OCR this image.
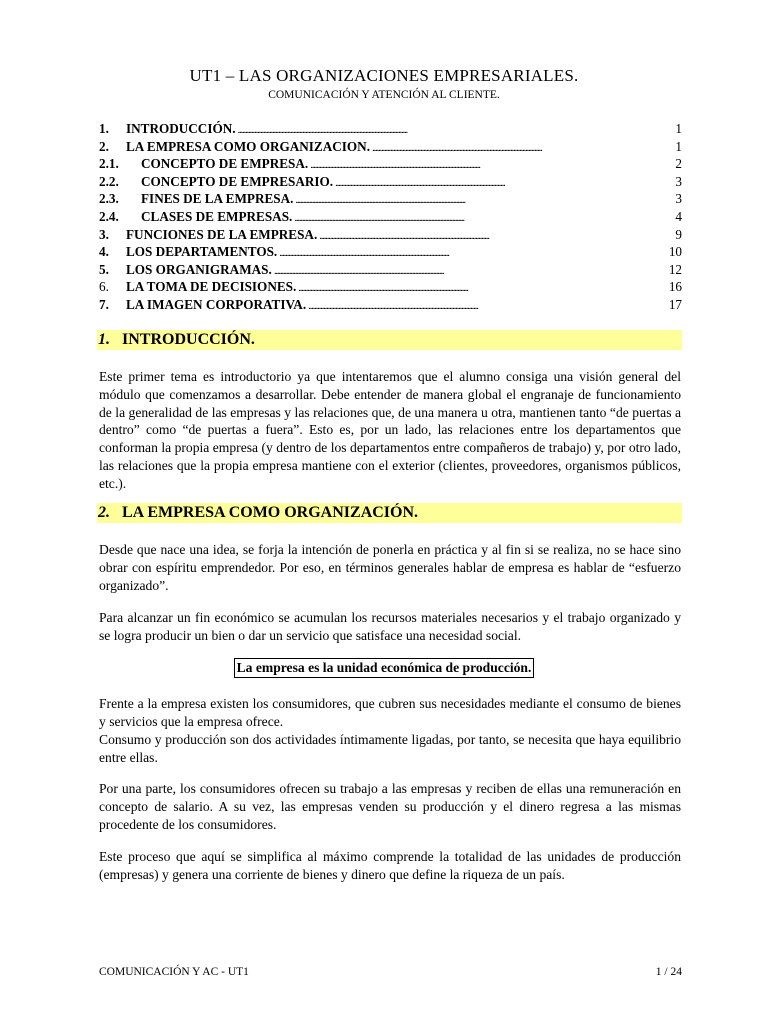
UT1 – LAS ORGANIZACIONES EMPRESARIALES.
COMUNICACIÓN Y ATENCIÓN AL CLIENTE.
1.	INTRODUCCIÓN. . . .	1
2.	LA EMPRESA COMO ORGANIZACION. . . .	1
2.1.	CONCEPTO DE EMPRESA. . . .	2
2.2.	CONCEPTO DE EMPRESARIO. . . .	3
2.3.	FINES DE LA EMPRESA. . . .	3
2.4.	CLASES DE EMPRESAS. . . .	4
3.	FUNCIONES DE LA EMPRESA. . . .	9
4.	LOS DEPARTAMENTOS. . . .	10
5.	LOS ORGANIGRAMAS. . . .	12
6.	LA TOMA DE DECISIONES. . . .	16
7.	LA IMAGEN CORPORATIVA. . . .	17
1. INTRODUCCIÓN.
Este primer tema es introductorio ya que intentaremos que el alumno consiga una visión general del módulo que comenzamos a desarrollar. Debe entender de manera global el engranaje de funcionamiento de la generalidad de las empresas y las relaciones que, de una manera u otra, mantienen tanto “de puertas a dentro” como “de puertas a fuera”. Esto es, por un lado, las relaciones entre los departamentos que conforman la propia empresa (y dentro de los departamentos entre compañeros de trabajo) y, por otro lado, las relaciones que la propia empresa mantiene con el exterior (clientes, proveedores, organismos públicos, etc.).
2. LA EMPRESA COMO ORGANIZACIÓN.
Desde que nace una idea, se forja la intención de ponerla en práctica y al fin si se realiza, no se hace sino obrar con espíritu emprendedor. Por eso, en términos generales hablar de empresa es hablar de “esfuerzo organizado”.
Para alcanzar un fin económico se acumulan los recursos materiales necesarios y el trabajo organizado y se logra producir un bien o dar un servicio que satisface una necesidad social.
La empresa es la unidad económica de producción.
Frente a la empresa existen los consumidores, que cubren sus necesidades mediante el consumo de bienes y servicios que la empresa ofrece.
Consumo y producción son dos actividades íntimamente ligadas, por tanto, se necesita que haya equilibrio entre ellas.
Por una parte, los consumidores ofrecen su trabajo a las empresas y reciben de ellas una remuneración en concepto de salario. A su vez, las empresas venden su producción y el dinero regresa a las mismas procedente de los consumidores.
Este proceso que aquí se simplifica al máximo comprende la totalidad de las unidades de producción (empresas) y genera una corriente de bienes y dinero que define la riqueza de un país.
COMUNICACIÓN Y AC - UT1	1 / 24
